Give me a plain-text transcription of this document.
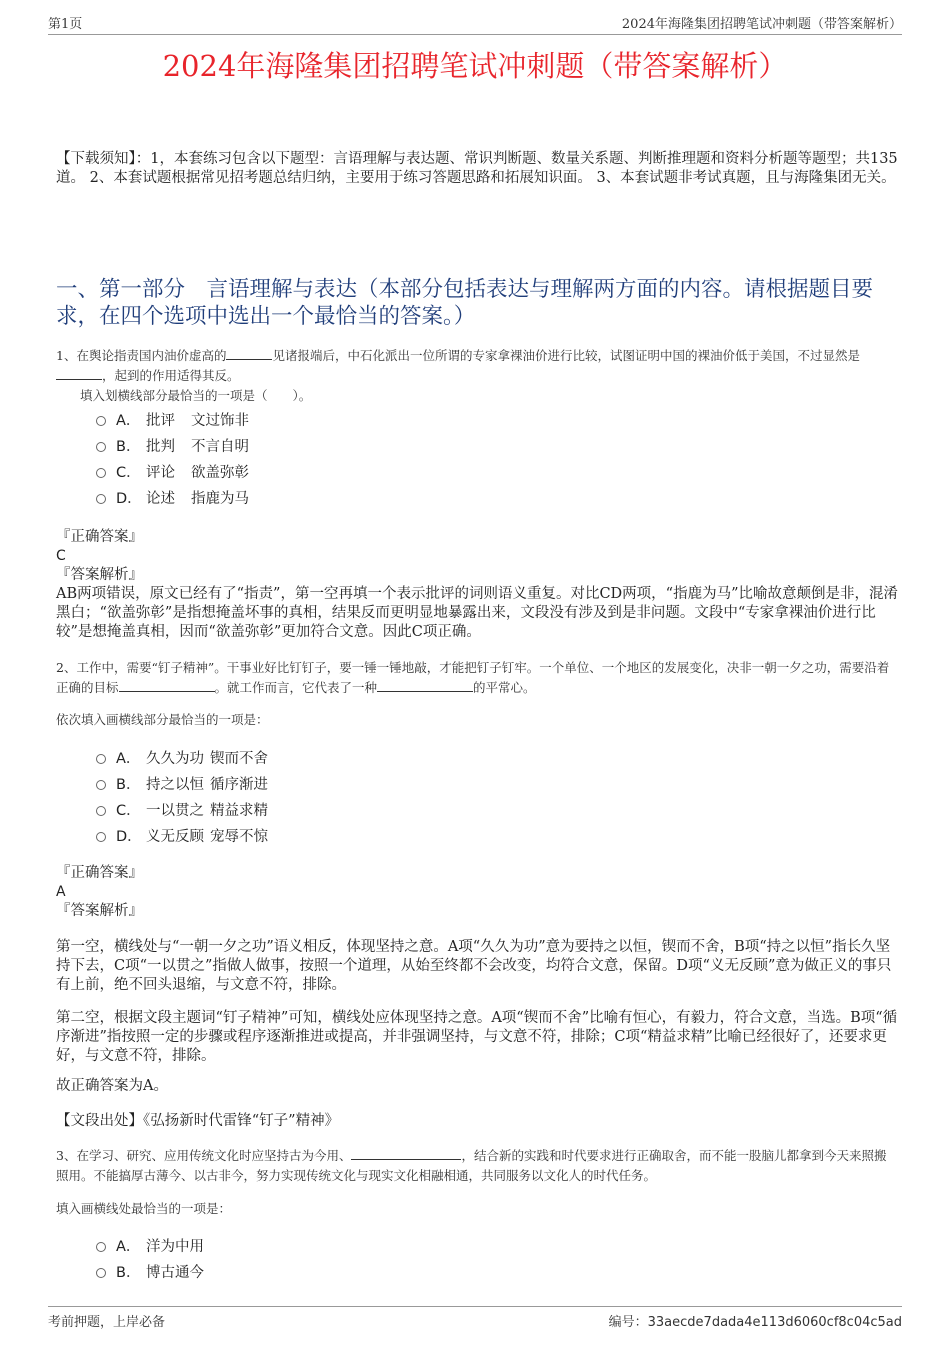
第1页	2024年海隆集团招聘笔试冲刺题（带答案解析）
2024年海隆集团招聘笔试冲刺题（带答案解析）
【下载须知】：1，本套练习包含以下题型：言语理解与表达题、常识判断题、数量关系题、判断推理题和资料分析题等题型；共135道。 2、本套试题根据常见招考题总结归纳，主要用于练习答题思路和拓展知识面。 3、本套试题非考试真题，且与海隆集团无关。
一、第一部分　言语理解与表达（本部分包括表达与理解两方面的内容。请根据题目要求，在四个选项中选出一个最恰当的答案。）
1、在舆论指责国内油价虚高的	见诸报端后，中石化派出一位所谓的专家拿裸油价进行比较，试图证明中国的裸油价低于美国，不过显然是，起到的作用适得其反。
填入划横线部分最恰当的一项是（　　）。
A． 批评 文过饰非
B． 批判 不言自明
C． 评论 欲盖弥彰
D． 论述 指鹿为马
『正确答案』
C
『答案解析』
AB两项错误，原文已经有了“指责”，第一空再填一个表示批评的词则语义重复。对比CD两项，“指鹿为马”比喻故意颠倒是非，混淆黑白；“欲盖弥彰”是指想掩盖坏事的真相，结果反而更明显地暴露出来，文段没有涉及到是非问题。文段中“专家拿裸油价进行比较”是想掩盖真相，因而“欲盖弥彰”更加符合文意。因此C项正确。
2、工作中，需要“钉子精神”。干事业好比钉钉子，要一锤一锤地敲，才能把钉子钉牢。一个单位、一个地区的发展变化，决非一朝一夕之功，需要沿着正确的目标	。就工作而言，它代表了一种	的平常心。
依次填入画横线部分最恰当的一项是：
A． 久久为功 锲而不舍
B． 持之以恒 循序渐进
C． 一以贯之 精益求精
D． 义无反顾 宠辱不惊
『正确答案』
A
『答案解析』
第一空，横线处与“一朝一夕之功”语义相反，体现坚持之意。A项“久久为功”意为要持之以恒，锲而不舍，B项“持之以恒”指长久坚持下去，C项“一以贯之”指做人做事，按照一个道理，从始至终都不会改变，均符合文意，保留。D项“义无反顾”意为做正义的事只有上前，绝不回头退缩，与文意不符，排除。
第二空，根据文段主题词“钉子精神”可知，横线处应体现坚持之意。A项“锲而不舍”比喻有恒心，有毅力，符合文意，当选。B项“循序渐进”指按照一定的步骤或程序逐渐推进或提高，并非强调坚持，与文意不符，排除；C项“精益求精”比喻已经很好了，还要求更好，与文意不符，排除。
故正确答案为A。
【文段出处】《弘扬新时代雷锋“钉子”精神》
3、在学习、研究、应用传统文化时应坚持古为今用、	，结合新的实践和时代要求进行正确取舍，而不能一股脑儿都拿到今天来照搬照用。不能搞厚古薄今、以古非今，努力实现传统文化与现实文化相融相通，共同服务以文化人的时代任务。
填入画横线处最恰当的一项是：
A． 洋为中用
B． 博古通今
考前押题，上岸必备	编号：33aecde7dada4e113d6060cf8c04c5ad
